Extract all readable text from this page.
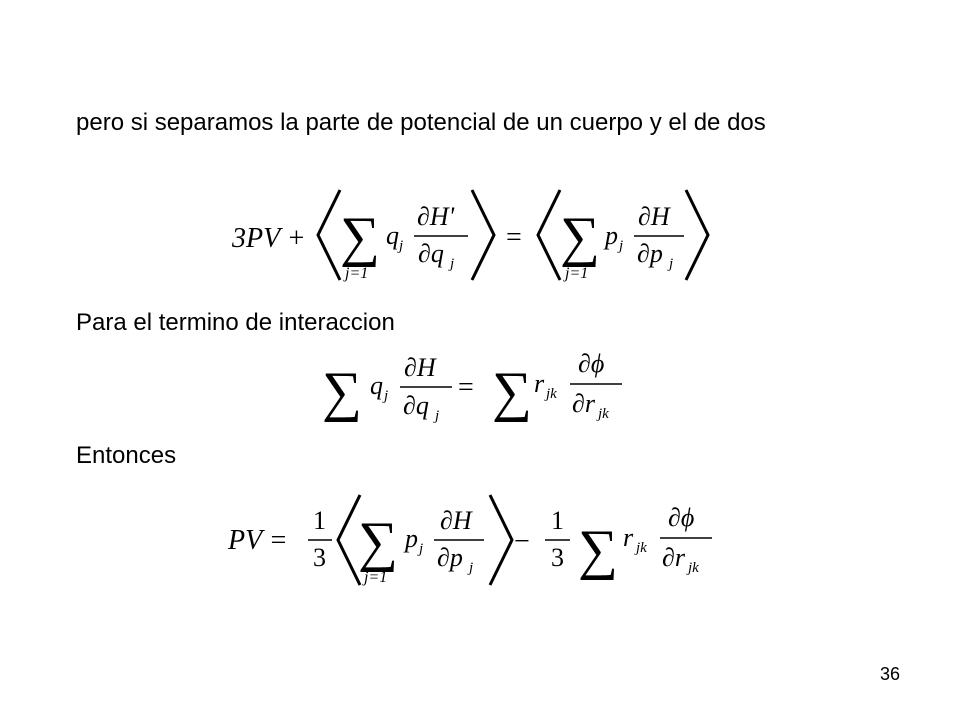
pero si separamos la parte de potencial de un cuerpo y el de dos

3PV + ∑
j=1
q j
∂H'
∂q j
= ∑
j=1
p j
∂H
∂p j

Para el termino de interaccion

∑ q j
∂H
∂q j
= ∑ r jk
∂ϕ
∂r jk

Entonces

PV =
1
3 ∑
j=1
p j
∂H
∂p j
−
1
3 ∑ r jk
∂ϕ
∂r jk
36
